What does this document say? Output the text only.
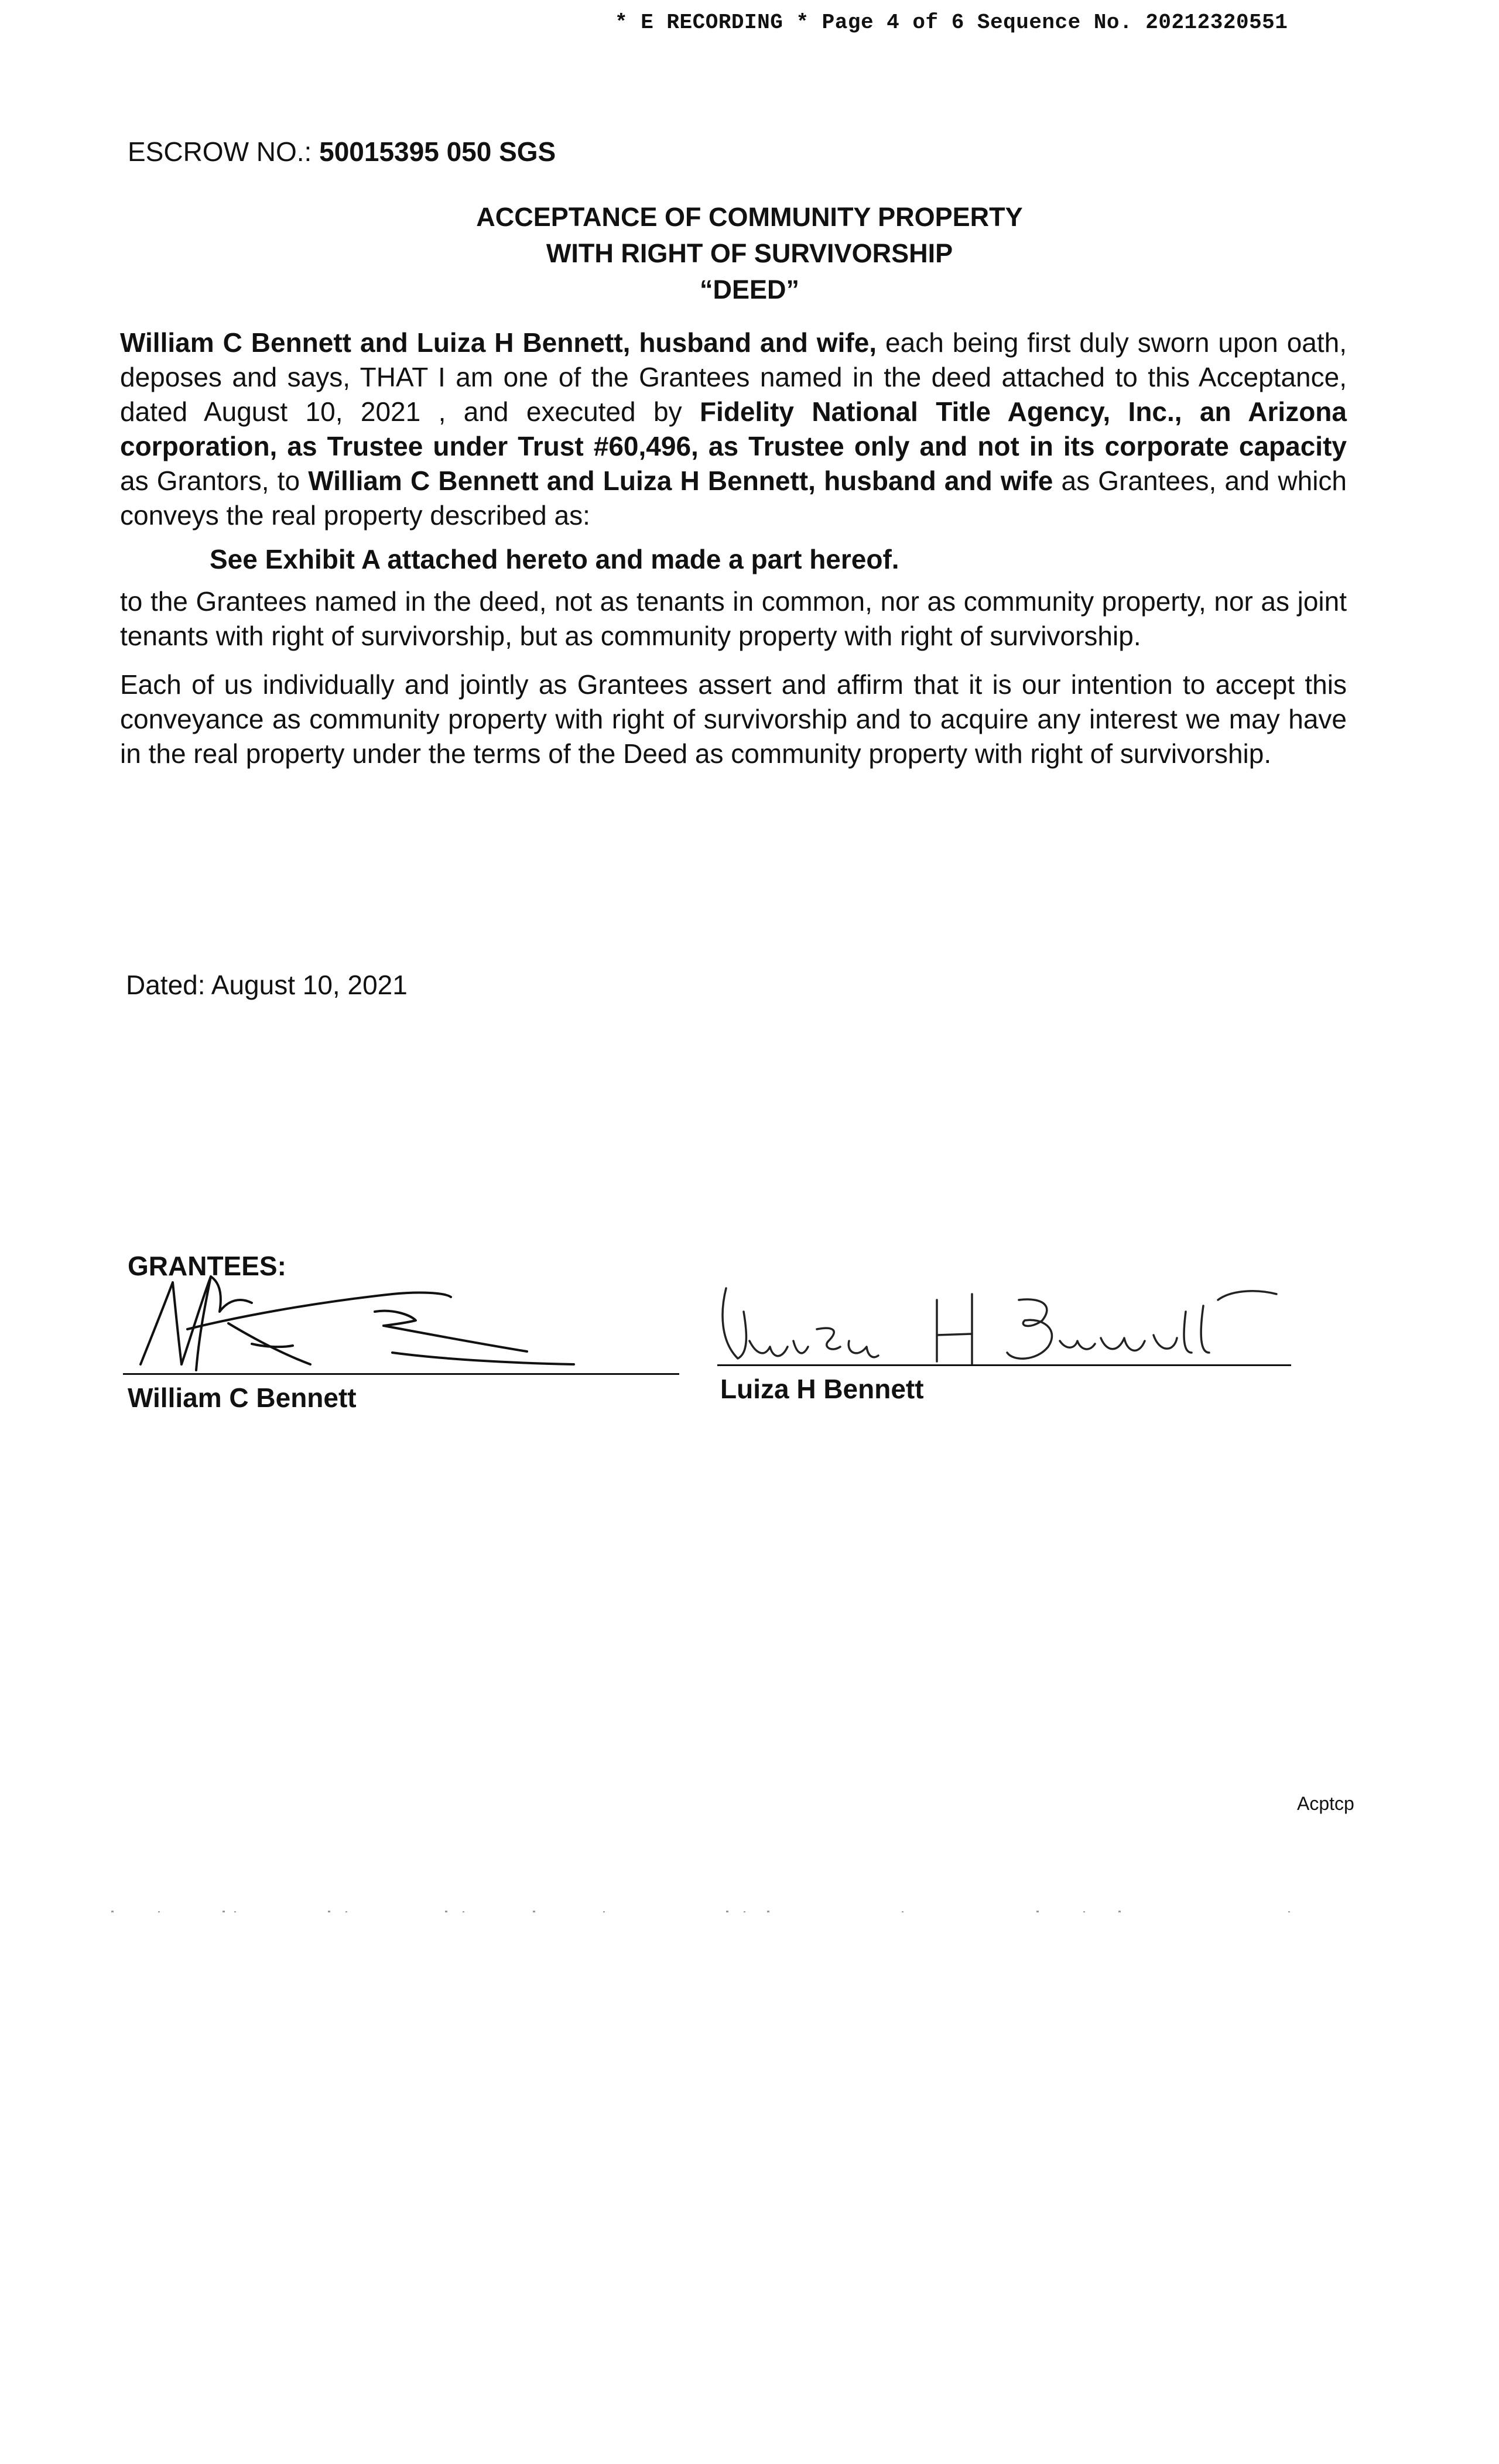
* E RECORDING * Page 4 of 6 Sequence No. 20212320551
ESCROW NO.: 50015395 050 SGS
ACCEPTANCE OF COMMUNITY PROPERTY
WITH RIGHT OF SURVIVORSHIP
“DEED”
William C Bennett and Luiza H Bennett, husband and wife, each being first duly sworn upon oath, deposes and says, THAT I am one of the Grantees named in the deed attached to this Acceptance, dated August 10, 2021 , and executed by Fidelity National Title Agency, Inc., an Arizona corporation, as Trustee under Trust #60,496, as Trustee only and not in its corporate capacity as Grantors, to William C Bennett and Luiza H Bennett, husband and wife as Grantees, and which conveys the real property described as:
See Exhibit A attached hereto and made a part hereof.
to the Grantees named in the deed, not as tenants in common, nor as community property, nor as joint tenants with right of survivorship, but as community property with right of survivorship.
Each of us individually and jointly as Grantees assert and affirm that it is our intention to accept this conveyance as community property with right of survivorship and to acquire any interest we may have in the real property under the terms of the Deed as community property with right of survivorship.
Dated: August 10, 2021
GRANTEES:
William C Bennett	Luiza H Bennett
Acptcp
